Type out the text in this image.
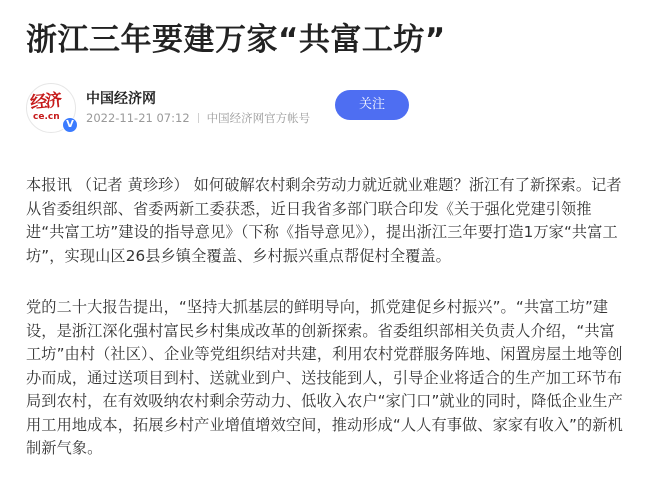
浙江三年要建万家“共富工坊”
经济
ce.cn
V
中国经济网
2022-11-21 07:12 中国经济网官方帐号
关注

本报讯 （记者 黄珍珍） 如何破解农村剩余劳动力就近就业难题？浙江有了新探索。记者从省委组织部、省委两新工委获悉，近日我省多部门联合印发《关于强化党建引领推进“共富工坊”建设的指导意见》（下称《指导意见》），提出浙江三年要打造1万家“共富工坊”，实现山区26县乡镇全覆盖、乡村振兴重点帮促村全覆盖。

党的二十大报告提出，“坚持大抓基层的鲜明导向，抓党建促乡村振兴”。“共富工坊”建设，是浙江深化强村富民乡村集成改革的创新探索。省委组织部相关负责人介绍，“共富工坊”由村（社区）、企业等党组织结对共建，利用农村党群服务阵地、闲置房屋土地等创办而成，通过送项目到村、送就业到户、送技能到人，引导企业将适合的生产加工环节布局到农村，在有效吸纳农村剩余劳动力、低收入农户“家门口”就业的同时，降低企业生产用工用地成本，拓展乡村产业增值增效空间，推动形成“人人有事做、家家有收入”的新机制新气象。
